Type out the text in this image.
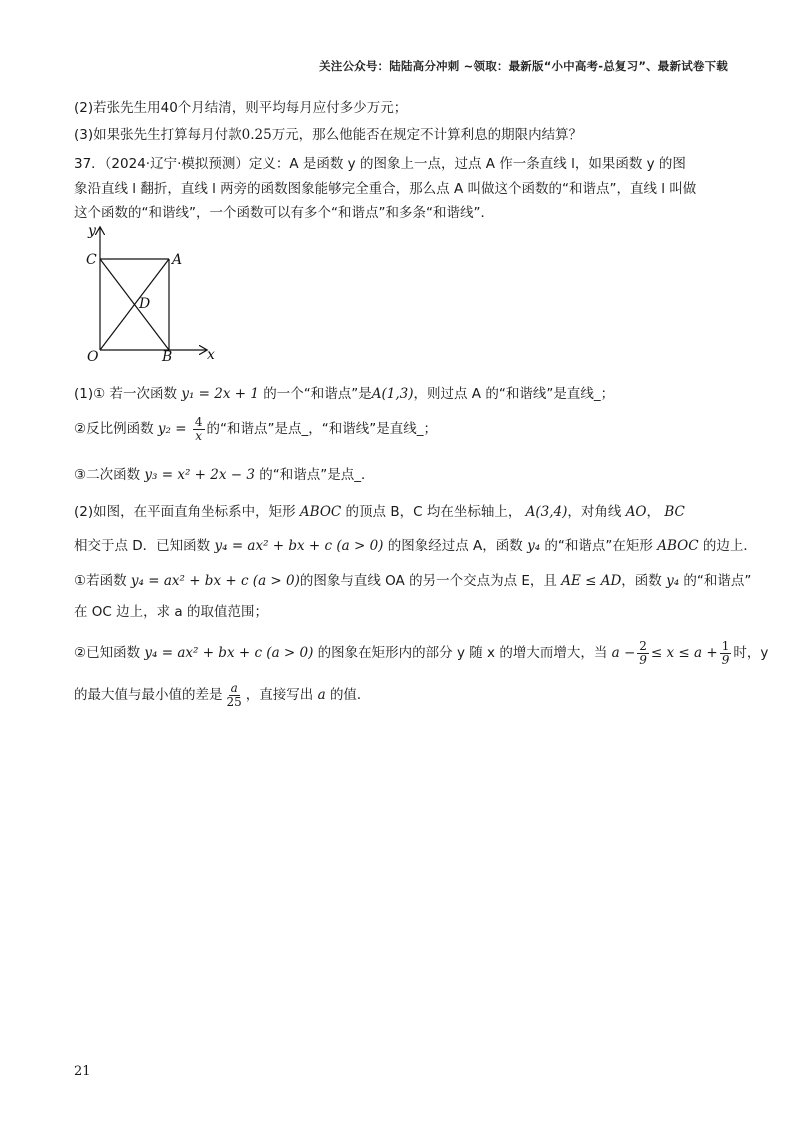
关注公众号：陆陆高分冲刺 ~领取：最新版“小中高考-总复习”、最新试卷下载
(2)若张先生用40个月结清，则平均每月应付多少万元；
(3)如果张先生打算每月付款0.25万元，那么他能否在规定不计算利息的期限内结算？
37．（2024·辽宁·模拟预测）定义：A 是函数 y 的图象上一点，过点 A 作一条直线 l，如果函数 y 的图
象沿直线 l 翻折，直线 l 两旁的函数图象能够完全重合，那么点 A 叫做这个函数的“和谐点”，直线 l 叫做
这个函数的“和谐线”，一个函数可以有多个“和谐点”和多条“和谐线”．
y
x
C	A
D
O	B
(1)① 若一次函数 y₁ = 2x + 1 的一个“和谐点”是A(1,3)，则过点 A 的“和谐线”是直线_；
②反比例函数 $y_2 = \frac{4}{x}$ 的“和谐点”是点_，“和谐线”是直线_；
③二次函数 y₃ = x² + 2x − 3 的“和谐点”是点_．
(2)如图，在平面直角坐标系中，矩形 ABOC 的顶点 B，C 均在坐标轴上， A(3,4)，对角线 AO， BC
相交于点 D．已知函数 y₄ = ax² + bx + c (a > 0) 的图象经过点 A，函数 y₄ 的“和谐点”在矩形 ABOC 的边上．
①若函数 y₄ = ax² + bx + c (a > 0)的图象与直线 OA 的另一个交点为点 E，且 AE ≤ AD，函数 y₄ 的“和谐点”
在 OC 边上，求 a 的取值范围；
②已知函数 y₄ = ax² + bx + c (a > 0) 的图象在矩形内的部分 y 随 x 的增大而增大，当 $a - \frac{2}{9} \le x \le a + \frac{1}{9}$ 时，y
的最大值与最小值的差是 $\frac{a}{25}$ ，直接写出 a 的值．
21
